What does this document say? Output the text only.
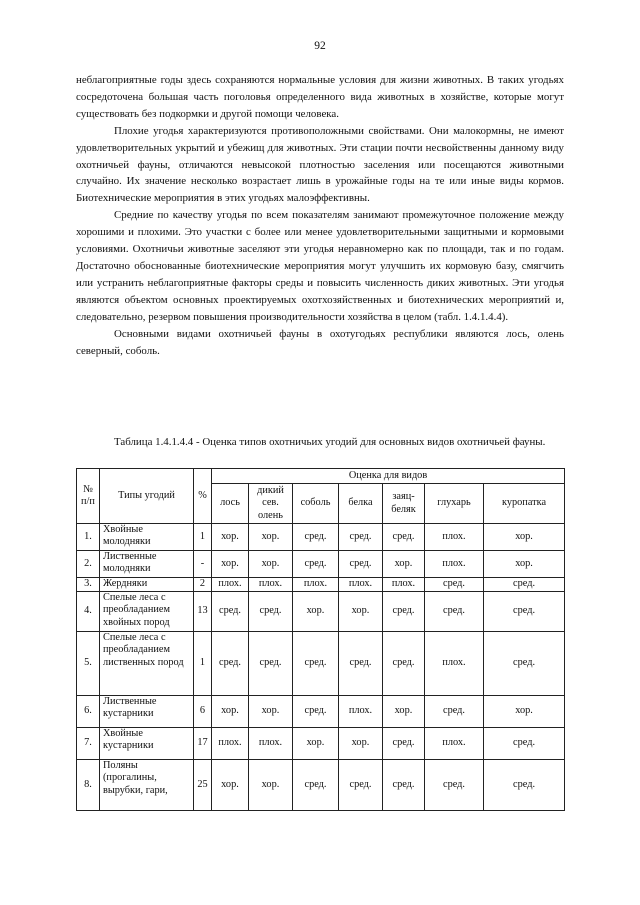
92

неблагоприятные годы здесь сохраняются нормальные условия для жизни животных. В таких угодьях сосредоточена большая часть поголовья определенного вида животных в хозяйстве, которые могут существовать без подкормки и другой помощи человека.

Плохие угодья характеризуются противоположными свойствами. Они малокормны, не имеют удовлетворительных укрытий и убежищ для животных. Эти стации почти несвойственны данному виду охотничьей фауны, отличаются невысокой плотностью заселения или посещаются животными случайно. Их значение несколько возрастает лишь в урожайные годы на те или иные виды кормов. Биотехнические мероприятия в этих угодьях малоэффективны.

Средние по качеству угодья по всем показателям занимают промежуточное положение между хорошими и плохими. Это участки с более или менее удовлетворительными защитными и кормовыми условиями. Охотничьи животные заселяют эти угодья неравномерно как по площади, так и по годам. Достаточно обоснованные биотехнические мероприятия могут улучшить их кормовую базу, смягчить или устранить неблагоприятные факторы среды и повысить численность диких животных. Эти угодья являются объектом основных проектируемых охотхозяйственных и биотехнических мероприятий и, следовательно, резервом повышения производительности хозяйства в целом (табл. 1.4.1.4.4).

Основными видами охотничьей фауны в охотугодьях республики являются лось, олень северный, соболь.

Таблица 1.4.1.4.4 - Оценка типов охотничьих угодий для основных видов охотничьей фауны.
№ п/п	Типы угодий	%	Оценка для видов						
			лось	дикий сев. олень	соболь	белка	заяц-беляк	глухарь	куропатка
1.	Хвойные молодняки	1	хор.	хор.	сред.	сред.	сред.	плох.	хор.
2.	Лиственные молодняки	-	хор.	хор.	сред.	сред.	хор.	плох.	хор.
3.	Жердняки	2	плох.	плох.	плох.	плох.	плох.	сред.	сред.
4.	Спелые леса с преобладанием хвойных пород	13	сред.	сред.	хор.	хор.	сред.	сред.	сред.
5.	Спелые леса с преобладанием лиственных пород	1	сред.	сред.	сред.	сред.	сред.	плох.	сред.
6.	Лиственные кустарники	6	хор.	хор.	сред.	плох.	хор.	сред.	хор.
7.	Хвойные кустарники	17	плох.	плох.	хор.	хор.	сред.	плох.	сред.
8.	Поляны (прогалины, вырубки, гари,	25	хор.	хор.	сред.	сред.	сред.	сред.	сред.
